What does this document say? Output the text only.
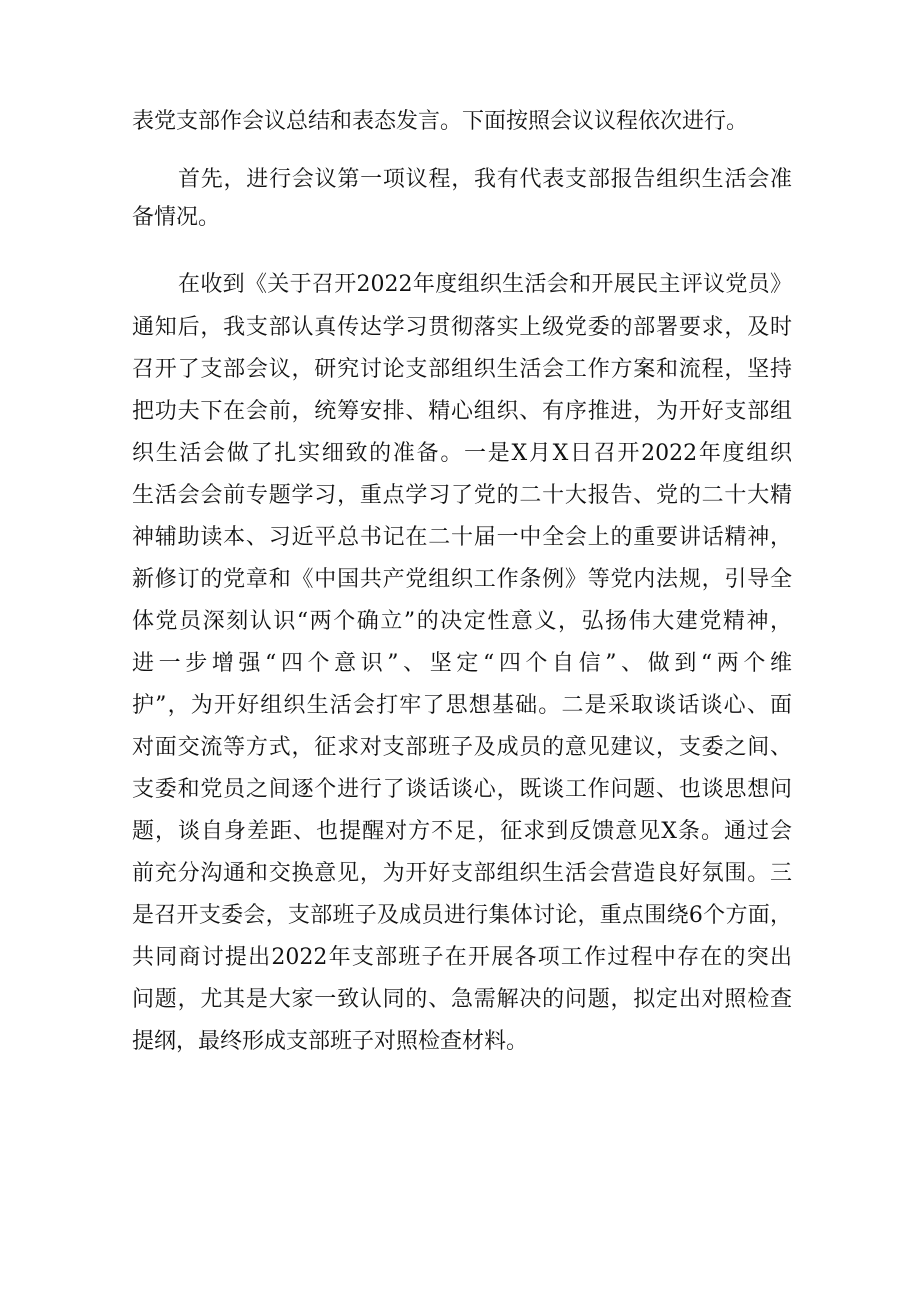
表党支部作会议总结和表态发言。下面按照会议议程依次进行。

首先，进行会议第一项议程，我有代表支部报告组织生活会准

备情况。

在收到《关于召开2022年度组织生活会和开展民主评议党员》

通知后，我支部认真传达学习贯彻落实上级党委的部署要求，及时

召开了支部会议，研究讨论支部组织生活会工作方案和流程，坚持

把功夫下在会前，统筹安排、精心组织、有序推进，为开好支部组

织生活会做了扎实细致的准备。一是X月X日召开2022年度组织

生活会会前专题学习，重点学习了党的二十大报告、党的二十大精

神辅助读本、习近平总书记在二十届一中全会上的重要讲话精神，

新修订的党章和《中国共产党组织工作条例》等党内法规，引导全

体党员深刻认识“两个确立”的决定性意义，弘扬伟大建党精神，

进一步增强“四个意识”、坚定“四个自信”、做到“两个维

护”，为开好组织生活会打牢了思想基础。二是采取谈话谈心、面

对面交流等方式，征求对支部班子及成员的意见建议，支委之间、

支委和党员之间逐个进行了谈话谈心，既谈工作问题、也谈思想问

题，谈自身差距、也提醒对方不足，征求到反馈意见X条。通过会

前充分沟通和交换意见，为开好支部组织生活会营造良好氛围。三

是召开支委会，支部班子及成员进行集体讨论，重点围绕6个方面，

共同商讨提出2022年支部班子在开展各项工作过程中存在的突出

问题，尤其是大家一致认同的、急需解决的问题，拟定出对照检查

提纲，最终形成支部班子对照检查材料。
